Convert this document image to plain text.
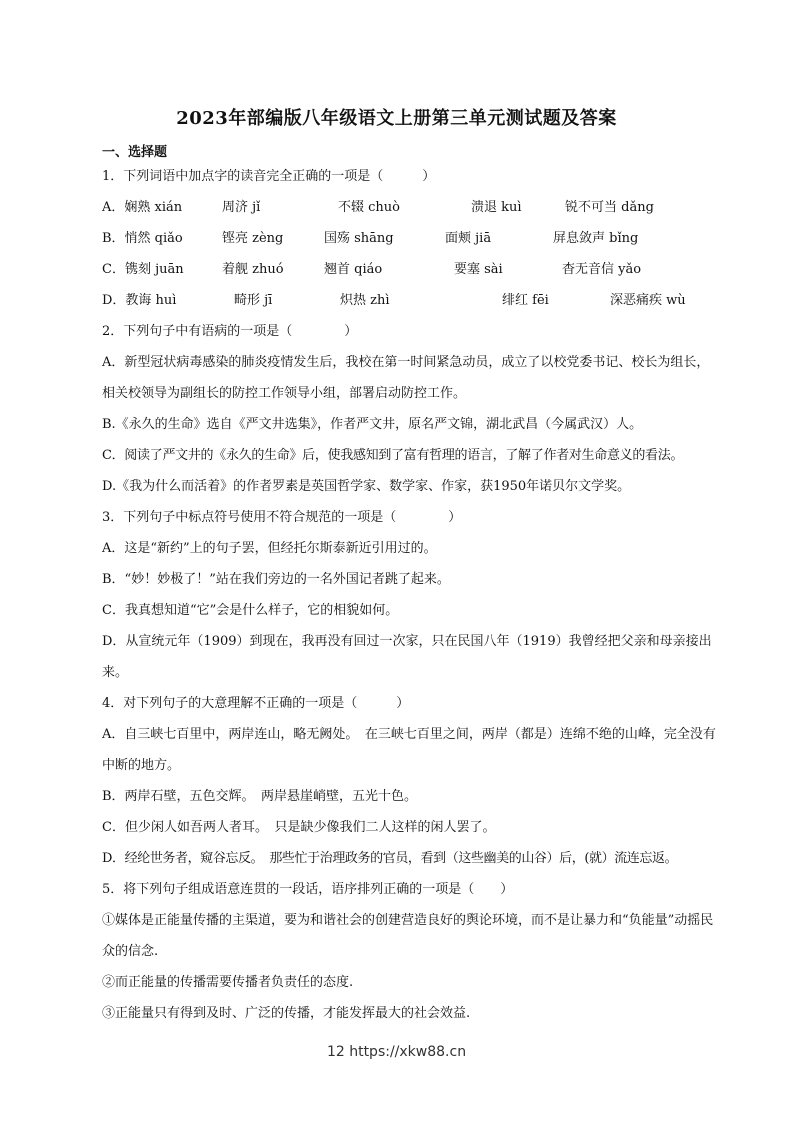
2023年部编版八年级语文上册第三单元测试题及答案
一、选择题
1．下列词语中加点字的读音完全正确的一项是（　　　）
A．娴熟 xián	周济 jǐ	不辍 chuò	溃退 kuì	锐不可当 dǎng
B．悄然 qiǎo	铿亮 zèng	国殇 shāng	面颊 jiā	屏息敛声 bǐng
C．镌刻 juān	着舰 zhuó	翘首 qiáo	要塞 sài	杳无音信 yǎo
D．教诲 huì	畸形 jī	炽热 zhì	绯红 fēi	深恶痛疾 wù
2．下列句子中有语病的一项是（　　　　）
A．新型冠状病毒感染的肺炎疫情发生后，我校在第一时间紧急动员，成立了以校党委书记、校长为组长，相关校领导为副组长的防控工作领导小组，部署启动防控工作。
B.《永久的生命》选自《严文井选集》，作者严文井，原名严文锦，湖北武昌（今属武汉）人。
C．阅读了严文井的《永久的生命》后，使我感知到了富有哲理的语言，了解了作者对生命意义的看法。
D.《我为什么而活着》的作者罗素是英国哲学家、数学家、作家，获1950年诺贝尔文学奖。
3．下列句子中标点符号使用不符合规范的一项是（　　　　）
A．这是“新约”上的句子罢，但经托尔斯泰新近引用过的。
B．“妙！妙极了！”站在我们旁边的一名外国记者跳了起来。
C．我真想知道“它”会是什么样子，它的相貌如何。
D．从宣统元年（1909）到现在，我再没有回过一次家，只在民国八年（1919）我曾经把父亲和母亲接出来。
4．对下列句子的大意理解不正确的一项是（　　　）
A．自三峡七百里中，两岸连山，略无阙处。　在三峡七百里之间，两岸（都是）连绵不绝的山峰，完全没有中断的地方。
B．两岸石壁，五色交辉。　两岸悬崖峭壁，五光十色。
C．但少闲人如吾两人者耳。　只是缺少像我们二人这样的闲人罢了。
D．经纶世务者，窥谷忘反。　那些忙于治理政务的官员，看到（这些幽美的山谷）后，(就）流连忘返。
5．将下列句子组成语意连贯的一段话，语序排列正确的一项是（　　）
①媒体是正能量传播的主渠道，要为和谐社会的创建营造良好的舆论环境，而不是让暴力和“负能量”动摇民众的信念.
②而正能量的传播需要传播者负责任的态度.
③正能量只有得到及时、广泛的传播，才能发挥最大的社会效益.
12 https://xkw88.cn
